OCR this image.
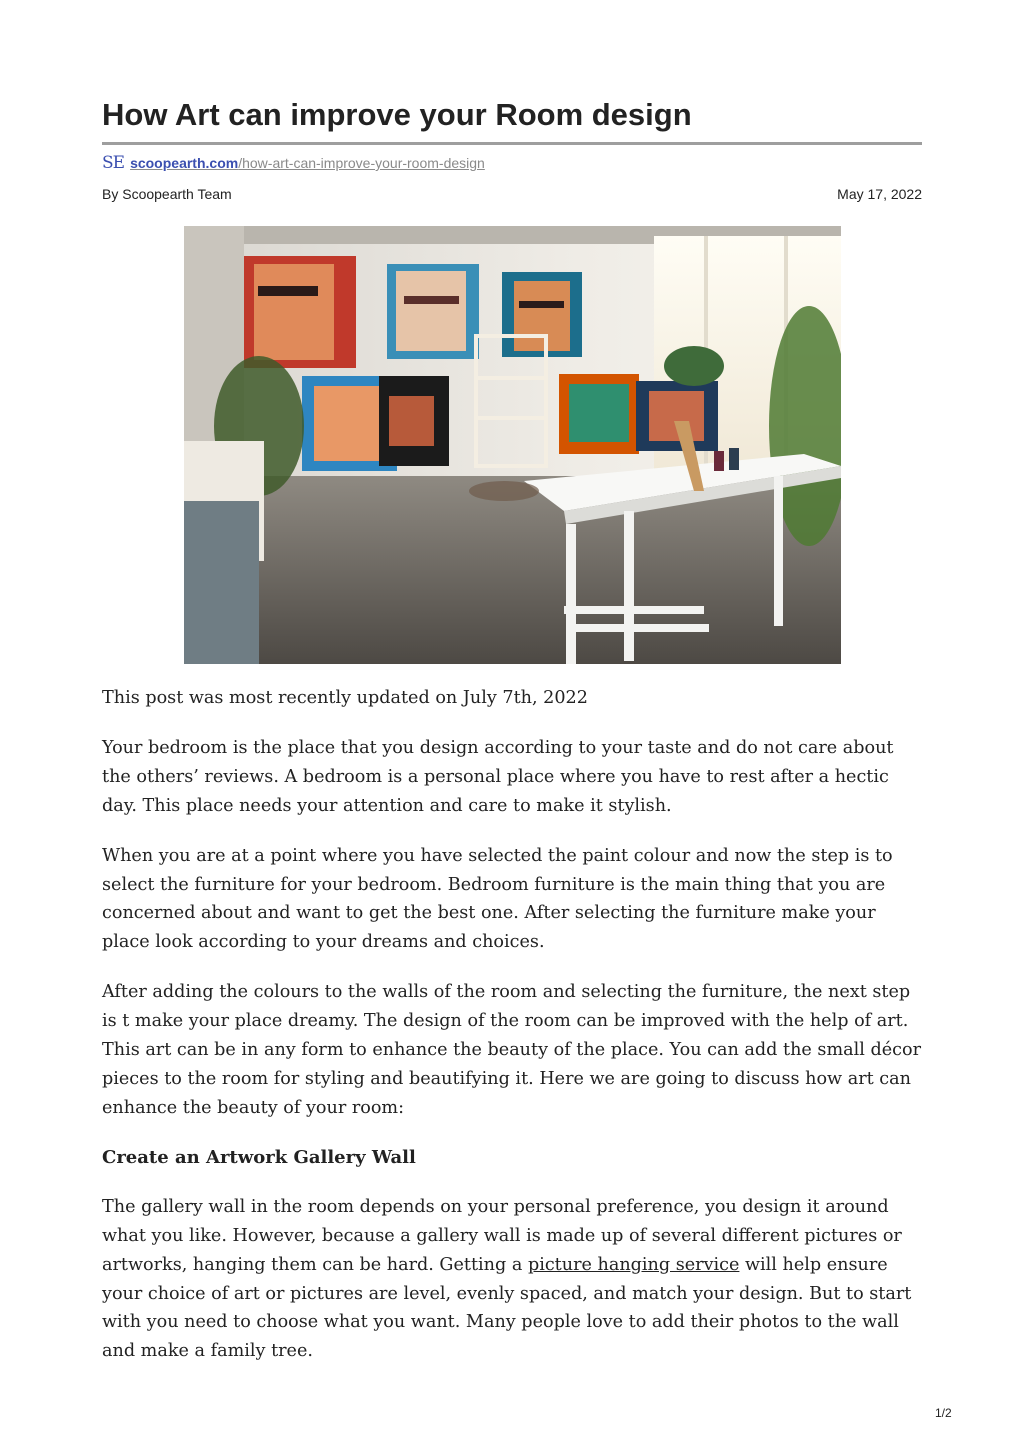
How Art can improve your Room design
SE scoopearth.com/how-art-can-improve-your-room-design
By Scoopearth Team	May 17, 2022

This post was most recently updated on July 7th, 2022

Your bedroom is the place that you design according to your taste and do not care about the others’ reviews. A bedroom is a personal place where you have to rest after a hectic day. This place needs your attention and care to make it stylish.

When you are at a point where you have selected the paint colour and now the step is to select the furniture for your bedroom. Bedroom furniture is the main thing that you are concerned about and want to get the best one. After selecting the furniture make your place look according to your dreams and choices.

After adding the colours to the walls of the room and selecting the furniture, the next step is t make your place dreamy. The design of the room can be improved with the help of art. This art can be in any form to enhance the beauty of the place. You can add the small décor pieces to the room for styling and beautifying it. Here we are going to discuss how art can enhance the beauty of your room:

Create an Artwork Gallery Wall

The gallery wall in the room depends on your personal preference, you design it around what you like. However, because a gallery wall is made up of several different pictures or artworks, hanging them can be hard. Getting a picture hanging service will help ensure your choice of art or pictures are level, evenly spaced, and match your design. But to start with you need to choose what you want. Many people love to add their photos to the wall and make a family tree.

1/2
